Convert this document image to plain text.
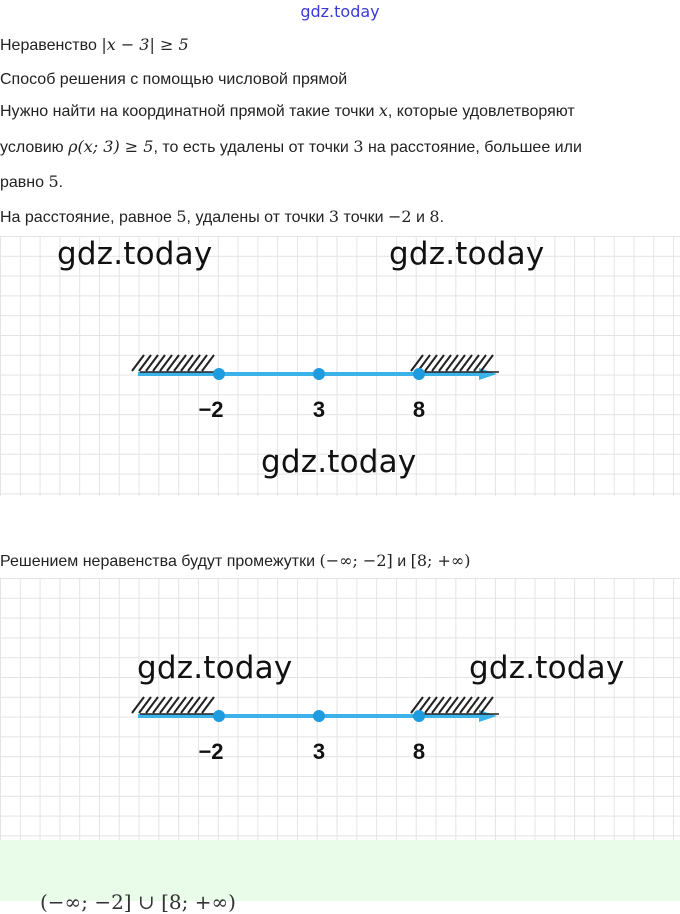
gdz.today
Неравенство |x − 3| ≥ 5
Способ решения с помощью числовой прямой
Нужно найти на координатной прямой такие точки x, которые удовлетворяют
условию ρ(x; 3) ≥ 5, то есть удалены от точки 3 на расстояние, большее или
равно 5.
На расстояние, равное 5, удалены от точки 3 точки −2 и 8.
−2	3	8
gdz.today	gdz.today
gdz.today
Решением неравенства будут промежутки (−∞; −2] и [8; +∞)
−2	3	8
gdz.today	gdz.today
(−∞; −2] ∪ [8; +∞)
